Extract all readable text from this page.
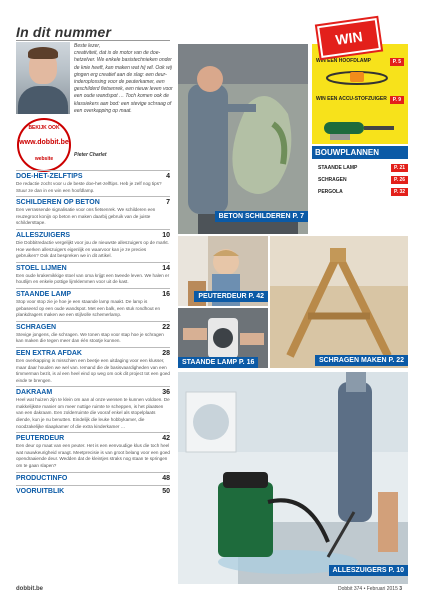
In dit nummer
BEKIJK OOK
www.dobbit.be
website
Beste lezer,
creativiteit, dat is de motor van de doe-hetzelver. We enkele basistechnieken onder de knie heeft, kan maken wat hij wil. Ook wij gingen erg creatief aan de slag: een deur-inderoplossing voor de peuterkamer, een geschilderd fietsenrek, een nieuw leven voor een oude wandspot … Toch komen ook de klassiekers aan bod: een stevige schraag of een overkapping op maat.
Pieter Charlet
DOE-HET-ZELFTIPS	4
De redactie zocht voor u de beste doe-het-zelftips. Heb je zelf nog tips? Stuur ze dan in en win een hoofdlamp.
SCHILDEREN OP BETON	7
Een verrassende signalisatie voor ons fietsenrek. We schilderen een reuzegroot konijn op beton en maken daarbij gebruik van de juiste schildersttape.
ALLESZUIGERS	10
Die Dobbitredactie vergelijkt voor jou de nieuwste alleszuigers op de markt. Hoe werken alleszuigers eigenlijk en waarvoor kan je ze precies gebruiken? Ook dat bespreken we in dit artikel.
STOEL LIJMEN	14
Een oude krakemikkige stoel van oma krijgt een tweede leven. We halen er houtlijm en enkele pottige lijmklemmen voor uit de kast.
STAANDE LAMP	16
Stop voor stop zie je hoe je een staande lamp maakt. De lamp is gebaseerd op een oude wandspot. Met een balk, een stuk rondhout en plankdragers maken we een stijlvolle schemerlamp.
SCHRAGEN	22
Stevige jongens, die schragen. We tonen stap voor stap hoe je schragen kan maken die tegen meer dan één stootje kunnen.
EEN EXTRA AFDAK	28
Een overkapping is misschien een beetje een uitdaging voor een klusser, maar daar houden we wel van. Iemand die de basisvaardigheden van een timmerman bezit, is al een heel eind op weg om ook dit project tot een goed einde te brengen.
DAKRAAM	36
Heel wat huizen zijn te klein om aan al onze wensen te kunnen voldoen. De makkelijkste manier om meer nuttige ruimte te scheppen, is het plaatsen van een dakraam. Een zolderruimte die vooraf enkel als stopelplaats diende, kun je nu benutten. Eindelijk die leuke hobbykamer, die noodzakelijke slaapkamer of die extra kinderkamer …
PEUTERDEUR	42
Een deur op maat van een peuter. Het is een eenvoudige klus die toch heel wat nauwkeurigheid vraagt. Meetprecisie is van groot belang voor een goed opendraaiende deur. Wedden dat de kleintjes straks nog staan te springen om te gaan slapen?
PRODUCTINFO	48
VOORUITBLIK	50
dobbit.be	Dobbit 374 • Februari 2015 3
BETON SCHILDEREN P. 7
PEUTERDEUR P. 42
SCHRAGEN MAKEN P. 22
STAANDE LAMP P. 16
ALLESZUIGERS P. 10
WIN EEN HOOFDLAMP	P. 5
WIN EEN ACCU-STOFZUIGER	P. 9
WIN
BOUWPLANNEN
STAANDE LAMP	P. 21
SCHRAGEN	P. 26
PERGOLA	P. 32
